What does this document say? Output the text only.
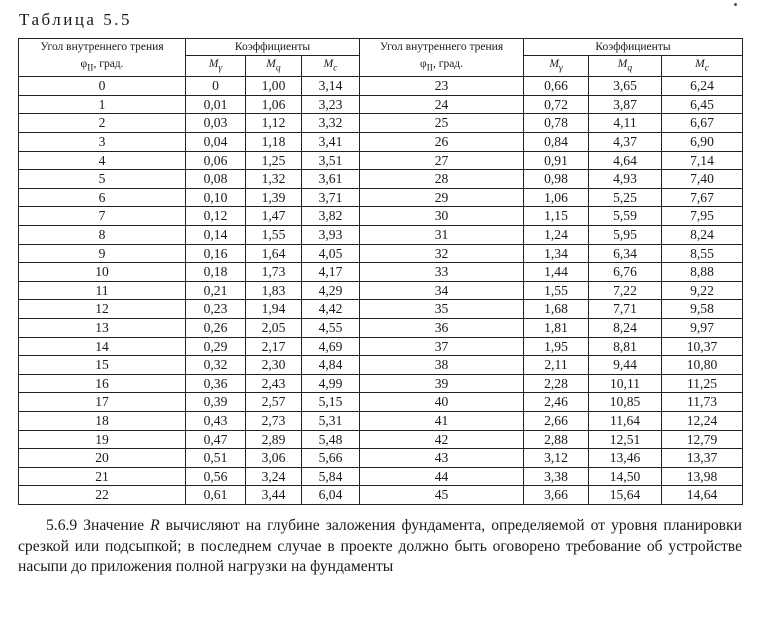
Таблица 5.5
Угол внутреннего трения	Коэффициенты			Угол внутреннего трения	Коэффициенты		
$\varphi_{II}$, град.	$M_\gamma$	$M_q$	$M_c$	$\varphi_{II}$, град.	$M_\gamma$	$M_q$	$M_c$
0	0	1,00	3,14	23	0,66	3,65	6,24
1	0,01	1,06	3,23	24	0,72	3,87	6,45
2	0,03	1,12	3,32	25	0,78	4,11	6,67
3	0,04	1,18	3,41	26	0,84	4,37	6,90
4	0,06	1,25	3,51	27	0,91	4,64	7,14
5	0,08	1,32	3,61	28	0,98	4,93	7,40
6	0,10	1,39	3,71	29	1,06	5,25	7,67
7	0,12	1,47	3,82	30	1,15	5,59	7,95
8	0,14	1,55	3,93	31	1,24	5,95	8,24
9	0,16	1,64	4,05	32	1,34	6,34	8,55
10	0,18	1,73	4,17	33	1,44	6,76	8,88
11	0,21	1,83	4,29	34	1,55	7,22	9,22
12	0,23	1,94	4,42	35	1,68	7,71	9,58
13	0,26	2,05	4,55	36	1,81	8,24	9,97
14	0,29	2,17	4,69	37	1,95	8,81	10,37
15	0,32	2,30	4,84	38	2,11	9,44	10,80
16	0,36	2,43	4,99	39	2,28	10,11	11,25
17	0,39	2,57	5,15	40	2,46	10,85	11,73
18	0,43	2,73	5,31	41	2,66	11,64	12,24
19	0,47	2,89	5,48	42	2,88	12,51	12,79
20	0,51	3,06	5,66	43	3,12	13,46	13,37
21	0,56	3,24	5,84	44	3,38	14,50	13,98
22	0,61	3,44	6,04	45	3,66	15,64	14,64
5.6.9 Значение R вычисляют на глубине заложения фундамента, определяемой от уровня планировки срезкой или подсыпкой; в последнем случае в проекте должно быть оговорено требование об устройстве насыпи до приложения полной нагрузки на фундаменты
